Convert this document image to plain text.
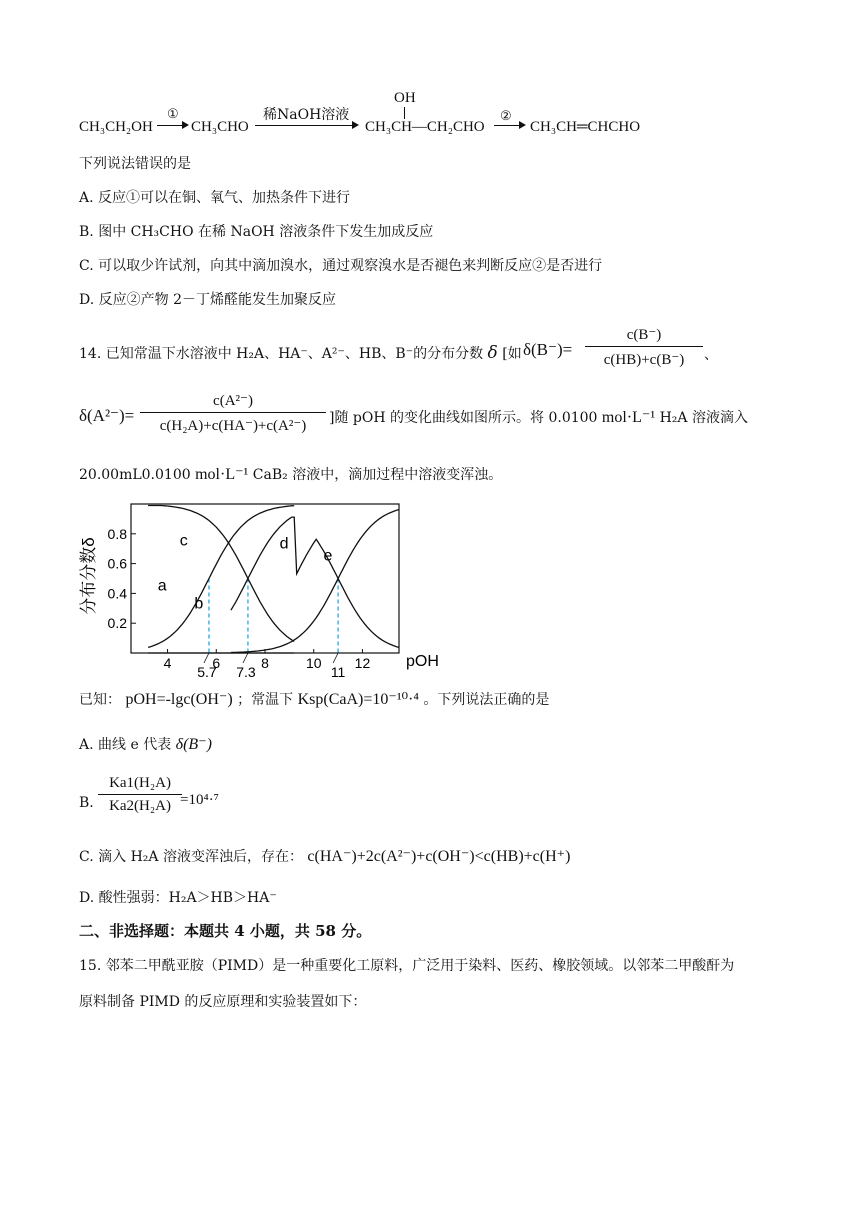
CH₃CH₂OH
①
CH₃CHO
稀NaOH溶液
OH
CH₃CH—CH₂CHO
②
CH₃CH═CHCHO
下列说法错误的是
A. 反应①可以在铜、氧气、加热条件下进行
B. 图中 CH₃CHO 在稀 NaOH 溶液条件下发生加成反应
C. 可以取少许试剂，向其中滴加溴水，通过观察溴水是否褪色来判断反应②是否进行
D. 反应②产物 2－丁烯醛能发生加聚反应
14. 已知常温下水溶液中 H₂A、HA⁻、A²⁻、HB、B⁻的分布分数 δ [如 $\delta(B^-)= \frac{c(B^-)}{c(HB)+c(B^-)}$ 、
$\delta(A^{2-})= \frac{\text{c(A²⁻)}}{\text{c(H₂A)+c(HA⁻)+c(A²⁻)}}$ ]随 pOH 的变化曲线如图所示。将 0.0100 mol·L⁻¹ H₂A 溶液滴入
20.00mL0.0100 mol·L⁻¹ CaB₂ 溶液中，滴加过程中溶液变浑浊。
分布分数δ
0.2
0.4
0.6
0.8
4	6	8	10 12
5.7 7.3	11
a
b
c	d
e
pOH
已知： pOH=-lgc(OH⁻) ；常温下 Ksp(CaA)=10⁻¹⁰·⁴ 。下列说法正确的是
A. 曲线 e 代表 δ(B⁻)
B. $\frac{\text{Ka1(H₂A)}}{\text{Ka2(H₂A)}}$
=10⁴·⁷
C. 滴入 H₂A 溶液变浑浊后，存在： c(HA⁻)+2c(A²⁻)+c(OH⁻)<c(HB)+c(H⁺)
D. 酸性强弱：H₂A＞HB＞HA⁻
二、非选择题：本题共 4 小题，共 58 分。
15. 邻苯二甲酰亚胺（PIMD）是一种重要化工原料，广泛用于染料、医药、橡胶领域。以邻苯二甲酸酐为
原料制备 PIMD 的反应原理和实验装置如下：
